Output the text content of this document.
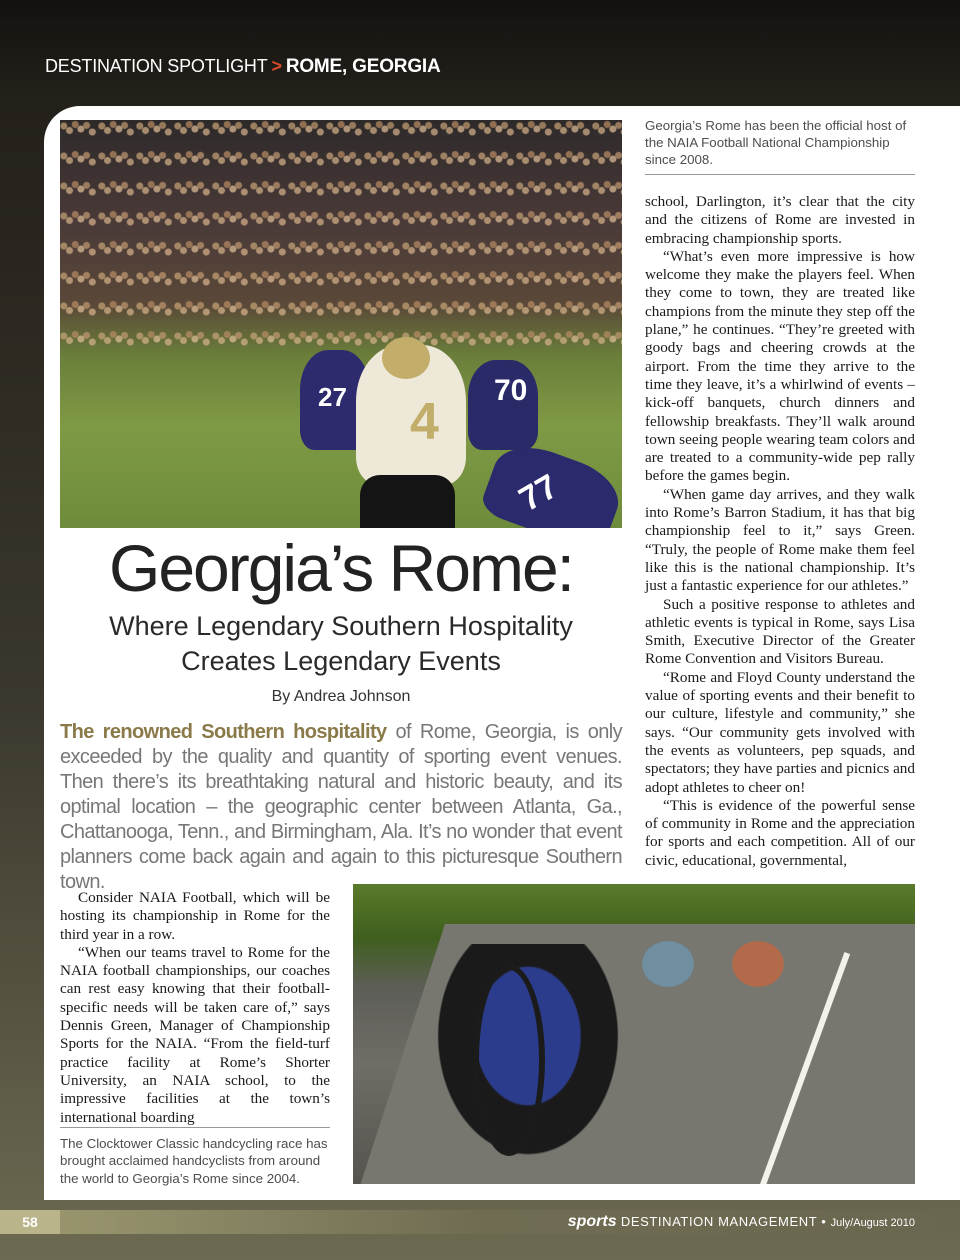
DESTINATION SPOTLIGHT > ROME, GEORGIA
27 4
70
77
Georgia’s Rome has been the official host of the NAIA Football National Championship since 2008.
Georgia’s Rome:
Where Legendary Southern Hospitality
Creates Legendary Events
By Andrea Johnson
The renowned Southern hospitality of Rome, Georgia, is only exceeded by the quality and quantity of sporting event venues. Then there’s its breathtaking natural and historic beauty, and its optimal location – the geographic center between Atlanta, Ga., Chattanooga, Tenn., and Birmingham, Ala. It’s no wonder that event planners come back again and again to this picturesque Southern town.

school, Darlington, it’s clear that the city and the citizens of Rome are invested in embracing championship sports.

“What’s even more impressive is how welcome they make the players feel. When they come to town, they are treated like champions from the minute they step off the plane,” he continues. “They’re greeted with goody bags and cheering crowds at the airport. From the time they arrive to the time they leave, it’s a whirlwind of events – kick-off banquets, church dinners and fellowship breakfasts. They’ll walk around town seeing people wearing team colors and are treated to a community-wide pep rally before the games begin.

“When game day arrives, and they walk into Rome’s Barron Stadium, it has that big championship feel to it,” says Green. “Truly, the people of Rome make them feel like this is the national championship. It’s just a fantastic experience for our athletes.”

Such a positive response to athletes and athletic events is typical in Rome, says Lisa Smith, Executive Director of the Greater Rome Convention and Visitors Bureau.

“Rome and Floyd County understand the value of sporting events and their benefit to our culture, lifestyle and community,” she says. “Our community gets involved with the events as volunteers, pep squads, and spectators; they have parties and picnics and adopt athletes to cheer on!

“This is evidence of the powerful sense of community in Rome and the appreciation for sports and each competition. All of our civic, educational, governmental,

Consider NAIA Football, which will be hosting its championship in Rome for the third year in a row.

“When our teams travel to Rome for the NAIA football championships, our coaches can rest easy knowing that their football-specific needs will be taken care of,” says Dennis Green, Manager of Championship Sports for the NAIA. “From the field-turf practice facility at Rome’s Shorter University, an NAIA school, to the impressive facilities at the town’s international boarding

The Clocktower Classic handcycling race has brought acclaimed handcyclists from around the world to Georgia’s Rome since 2004.
58	sports DESTINATION MANAGEMENT • July/August 2010
